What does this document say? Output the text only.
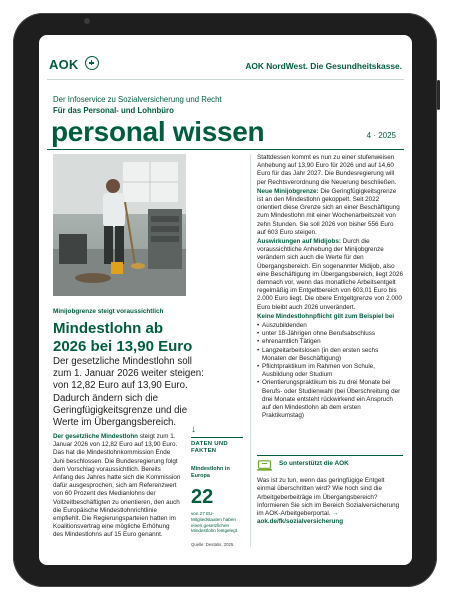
AOK	AOK NordWest. Die Gesundheitskasse.
Der Infoservice zu Sozialversicherung und Recht
Für das Personal- und Lohnbüro
personal wissen	4 · 2025
Minijobgrenze steigt voraussichtlich
Mindestlohn ab 2026 bei 13,90 Euro
Der gesetzliche Mindestlohn soll zum 1. Januar 2026 weiter steigen: von 12,82 Euro auf 13,90 Euro. Dadurch ändern sich die Geringfügigkeitsgrenze und die Werte im Übergangsbereich.
Der gesetzliche Mindestlohn steigt zum 1. Januar 2026 von 12,82 Euro auf 13,90 Euro. Das hat die Mindestlohnkommission Ende Juni beschlossen. Die Bundesregierung folgt dem Vorschlag voraussichtlich. Bereits Anfang des Jahres hatte sich die Kommission dafür ausgesprochen, sich am Referenzwert von 60 Prozent des Medianlohns der Vollzeitbeschäftigten zu orientieren, den auch die Europäische Mindestlohnrichtlinie empfiehlt. Die Regierungsparteien hatten im Koalitionsvertrag eine mögliche Erhöhung des Mindestlohns auf 15 Euro genannt.
↓
DATEN UND FAKTEN
Mindestlohn in Europa
22
von 27 EU-Mitgliedstaaten haben einen gesetzlichen Mindestlohn festgelegt.
Quelle: Destatis, 2025.

Stattdessen kommt es nun zu einer stufenweisen Anhebung auf 13,90 Euro für 2026 und auf 14,60 Euro für das Jahr 2027. Die Bundesregierung will per Rechtsverordnung die Neuerung beschließen.

Neue Minijobgrenze: Die Geringfügigkeitsgrenze ist an den Mindestlohn gekoppelt. Seit 2022 orientiert diese Grenze sich an einer Beschäftigung zum Mindestlohn mit einer Wochenarbeitszeit von zehn Stunden. Sie soll 2026 von bisher 556 Euro auf 603 Euro steigen.

Auswirkungen auf Midijobs: Durch die voraussichtliche Anhebung der Minijobgrenze verändern sich auch die Werte für den Übergangsbereich. Ein sogenannter Midijob, also eine Beschäftigung im Übergangsbereich, liegt 2026 demnach vor, wenn das monatliche Arbeitsentgelt regelmäßig im Entgeltbereich von 603,01 Euro bis 2.000 Euro liegt. Die obere Entgeltgrenze von 2.000 Euro bleibt auch 2026 unverändert.

Keine Mindestlohnpflicht gilt zum Beispiel bei

• Auszubildenden
• unter 18-Jährigen ohne Berufsabschluss
• ehrenamtlich Tätigen
• Langzeitarbeitslosen (in den ersten sechs Monaten der Beschäftigung)
• Pflichtpraktikum im Rahmen von Schule, Ausbildung oder Studium
• Orientierungspraktikum bis zu drei Monate bei Berufs- oder Studienwahl (bei Überschreitung der drei Monate entsteht rückwirkend ein Anspruch auf den Mindestlohn ab dem ersten Praktikumstag)
So unterstützt die AOK
Was ist zu tun, wenn das geringfügige Entgelt einmal überschritten wird? Wie hoch sind die Arbeitgeberbeiträge im Übergangsbereich? Informieren Sie sich im Bereich Sozialversicherung im AOK-Arbeitgeberportal. → aok.de/fk/sozialversicherung
